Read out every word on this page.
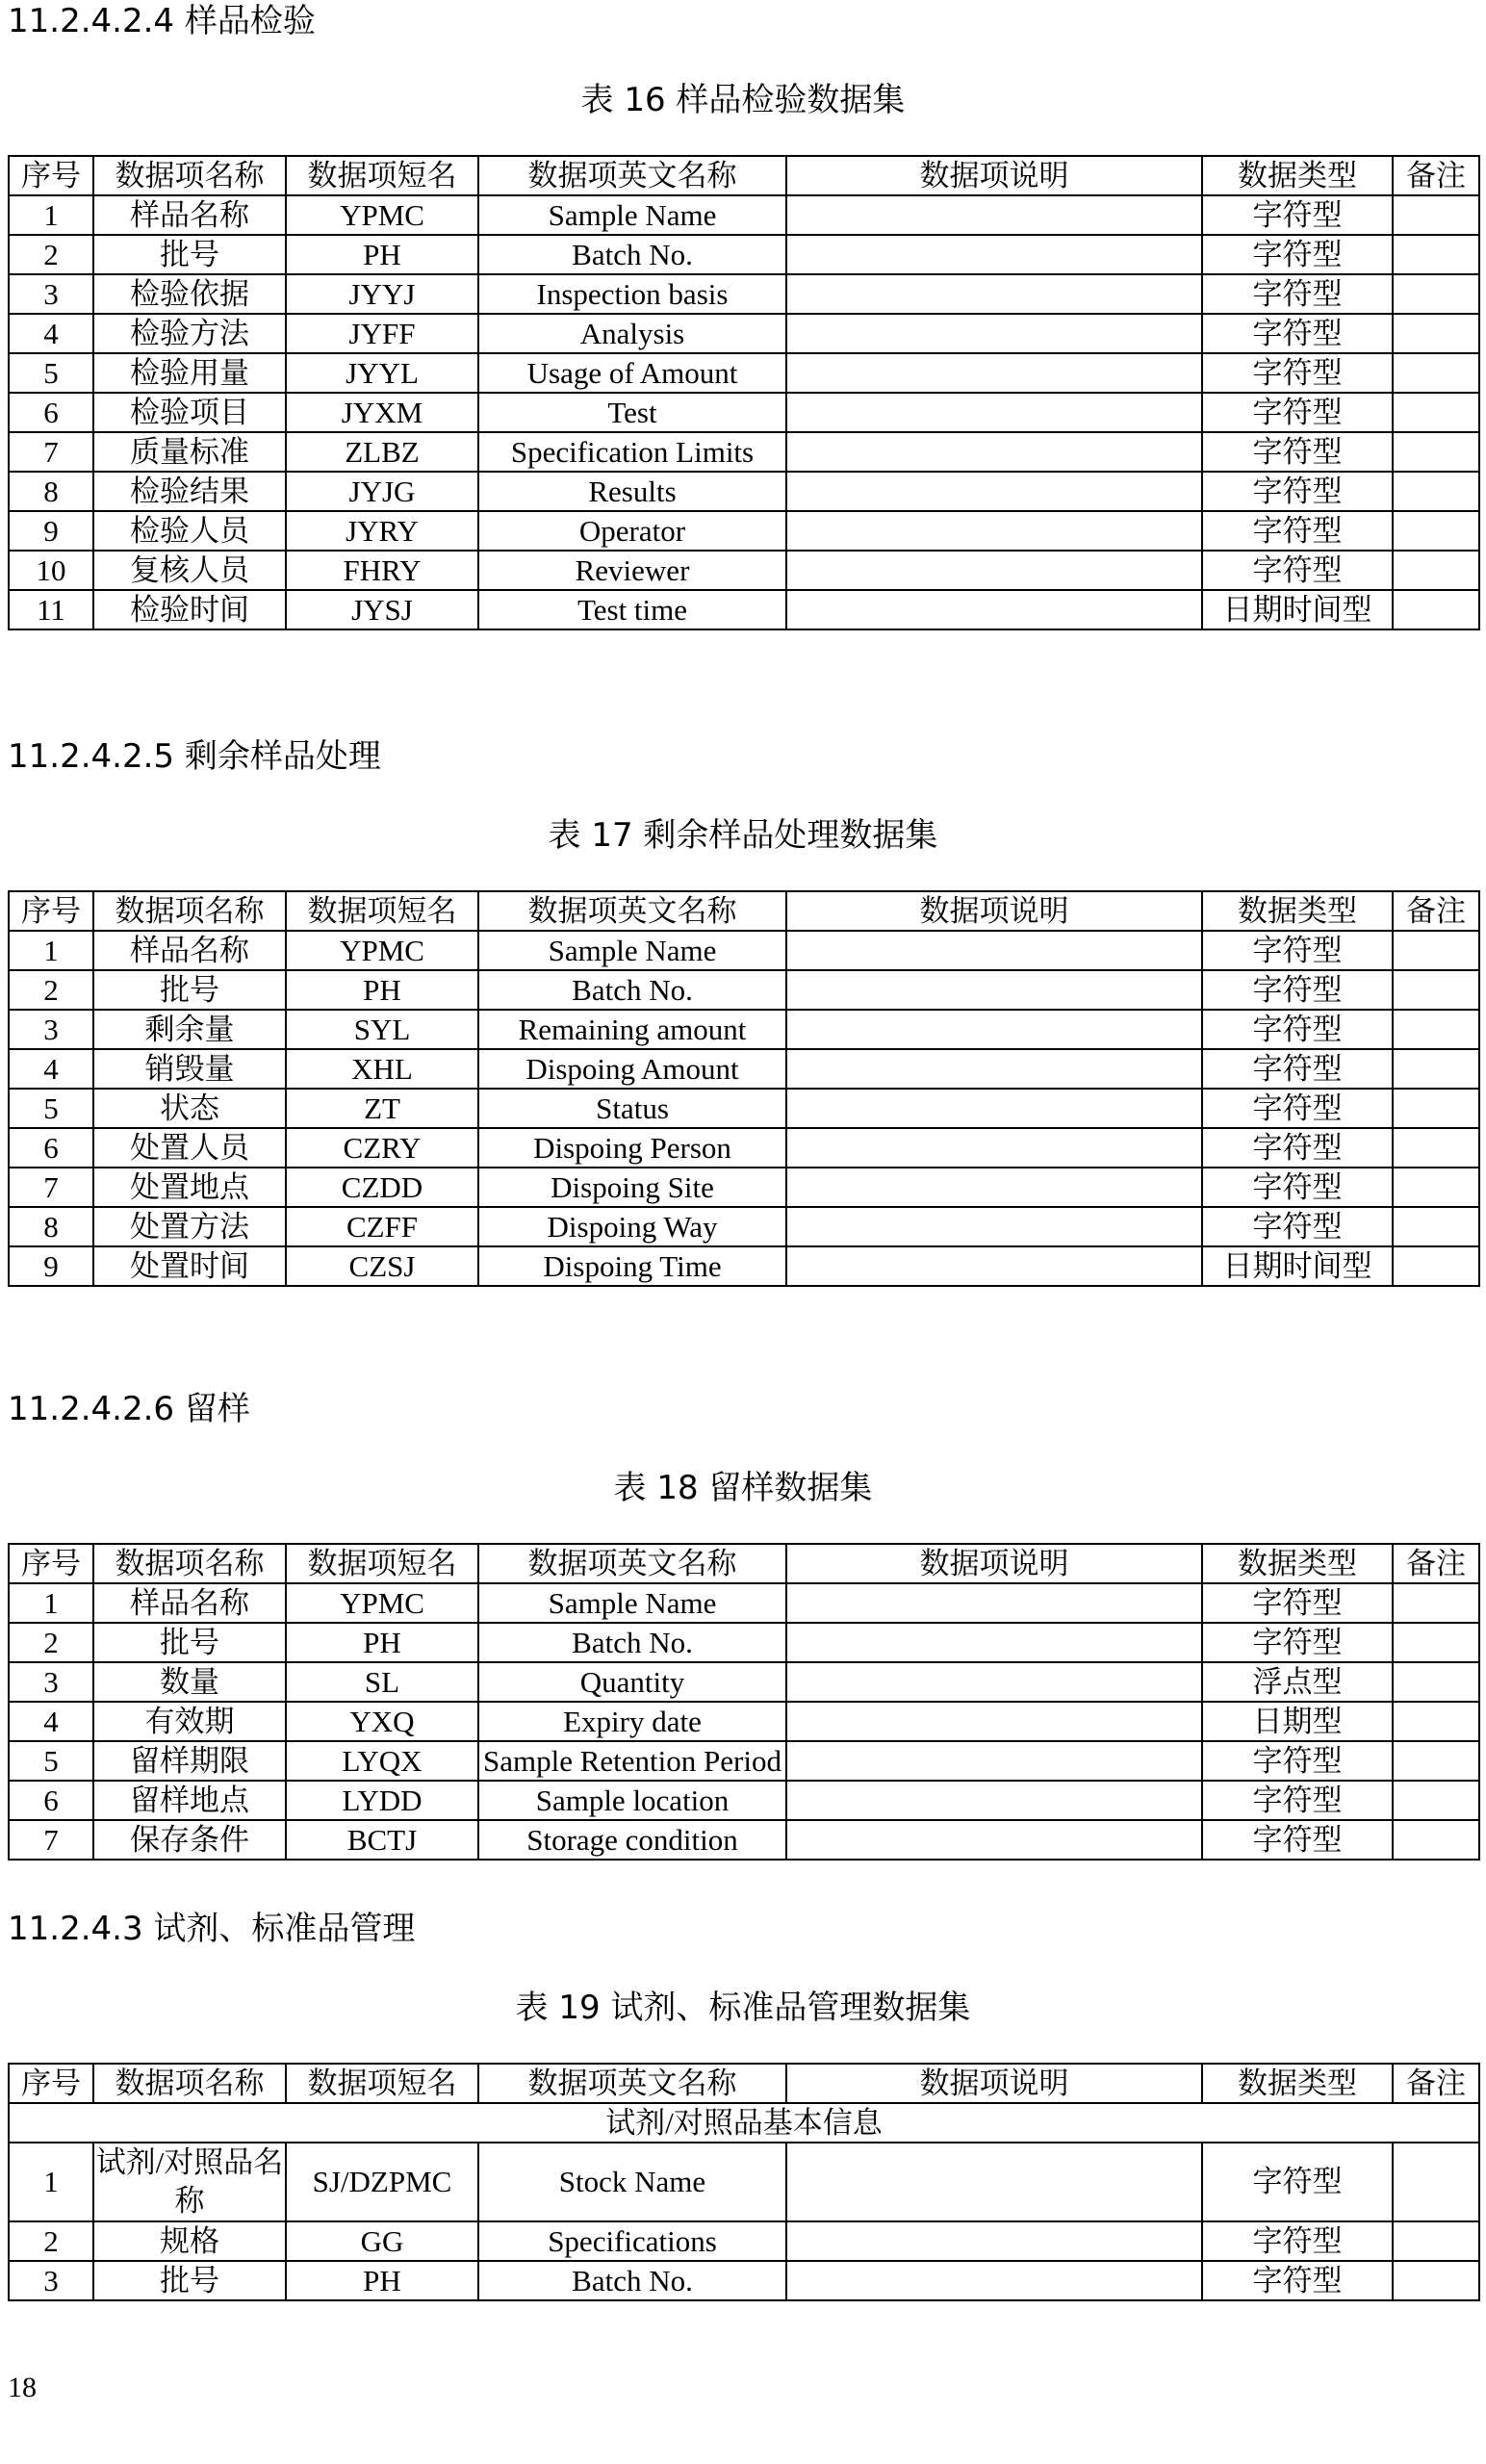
11.2.4.2.4 样品检验
表 16 样品检验数据集
序号	数据项名称	数据项短名	数据项英文名称	数据项说明	数据类型	备注
1	样品名称	YPMC	Sample Name		字符型	
2	批号	PH	Batch No.		字符型	
3	检验依据	JYYJ	Inspection basis		字符型	
4	检验方法	JYFF	Analysis		字符型	
5	检验用量	JYYL	Usage of Amount		字符型	
6	检验项目	JYXM	Test		字符型	
7	质量标准	ZLBZ	Specification Limits		字符型	
8	检验结果	JYJG	Results		字符型	
9	检验人员	JYRY	Operator		字符型	
10	复核人员	FHRY	Reviewer		字符型	
11	检验时间	JYSJ	Test time		日期时间型	
11.2.4.2.5 剩余样品处理
表 17 剩余样品处理数据集
序号	数据项名称	数据项短名	数据项英文名称	数据项说明	数据类型	备注
1	样品名称	YPMC	Sample Name		字符型	
2	批号	PH	Batch No.		字符型	
3	剩余量	SYL	Remaining amount		字符型	
4	销毁量	XHL	Dispoing Amount		字符型	
5	状态	ZT	Status		字符型	
6	处置人员	CZRY	Dispoing Person		字符型	
7	处置地点	CZDD	Dispoing Site		字符型	
8	处置方法	CZFF	Dispoing Way		字符型	
9	处置时间	CZSJ	Dispoing Time		日期时间型	
11.2.4.2.6 留样
表 18 留样数据集
序号	数据项名称	数据项短名	数据项英文名称	数据项说明	数据类型	备注
1	样品名称	YPMC	Sample Name		字符型	
2	批号	PH	Batch No.		字符型	
3	数量	SL	Quantity		浮点型	
4	有效期	YXQ	Expiry date		日期型	
5	留样期限	LYQX	Sample Retention Period		字符型	
6	留样地点	LYDD	Sample location		字符型	
7	保存条件	BCTJ	Storage condition		字符型	
11.2.4.3 试剂、标准品管理
表 19 试剂、标准品管理数据集
序号	数据项名称	数据项短名	数据项英文名称	数据项说明	数据类型	备注
试剂/对照品基本信息						
1	试剂/对照品名称	SJ/DZPMC	Stock Name		字符型	
2	规格	GG	Specifications		字符型	
3	批号	PH	Batch No.		字符型	
18
